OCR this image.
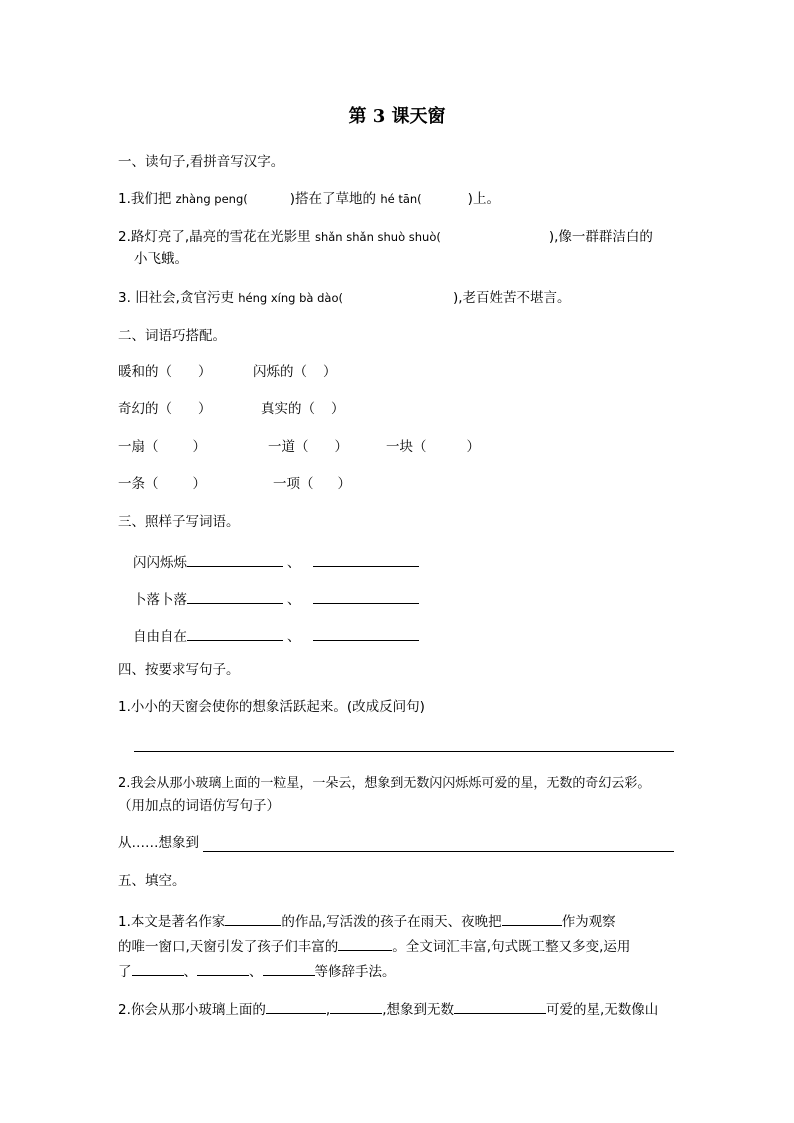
第 3 课天窗
一、读句子,看拼音写汉字。
1.我们把 zhàng peng(	)搭在了草地的 hé tān(	)上。
2.路灯亮了,晶亮的雪花在光影里 shǎn shǎn shuò shuò(	),像一群群洁白的
小飞蛾。
3. 旧社会,贪官污吏 héng xíng bà dào(	),老百姓苦不堪言。
二、词语巧搭配。
暖和的（ ）	闪烁的（ ）
奇幻的（ ）	真实的（ ）
一扇（	）	一道（ ）	一块（	）
一条（	）	一项（ ）
三、照样子写词语。
闪闪烁烁	、
卜落卜落	、
自由自在	、
四、按要求写句子。
1.小小的天窗会使你的想象活跃起来。(改成反问句)
2.我会从那小玻璃上面的一粒星，一朵云，想象到无数闪闪烁烁可爱的星，无数的奇幻云彩。
（用加点的词语仿写句子）
从……想象到
五、填空。
1.本文是著名作家	的作品,写活泼的孩子在雨天、夜晚把	作为观察
的唯一窗口,天窗引发了孩子们丰富的	。全文词汇丰富,句式既工整又多变,运用
了	、	、	等修辞手法。
2.你会从那小玻璃上面的	,	,想象到无数	可爱的星,无数像山
